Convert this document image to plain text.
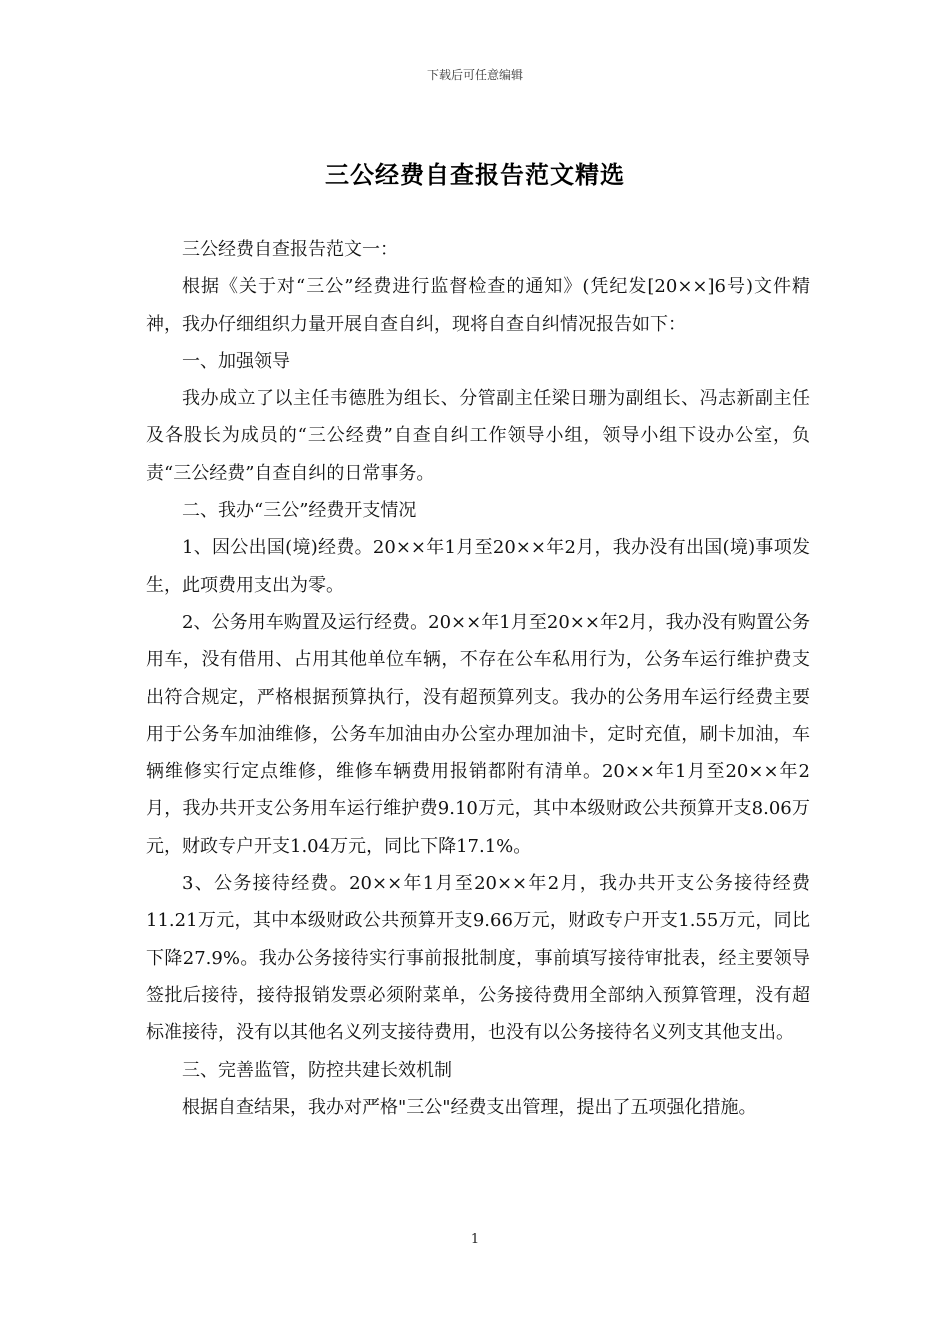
下载后可任意编辑
三公经费自查报告范文精选

三公经费自查报告范文一：

根据《关于对“三公”经费进行监督检查的通知》(凭纪发[20××]6号)文件精神，我办仔细组织力量开展自查自纠，现将自查自纠情况报告如下：

一、加强领导

我办成立了以主任韦德胜为组长、分管副主任梁日珊为副组长、冯志新副主任及各股长为成员的“三公经费”自查自纠工作领导小组，领导小组下设办公室，负责“三公经费”自查自纠的日常事务。

二、我办“三公”经费开支情况

1、因公出国(境)经费。20××年1月至20××年2月，我办没有出国(境)事项发生，此项费用支出为零。

2、公务用车购置及运行经费。20××年1月至20××年2月，我办没有购置公务用车，没有借用、占用其他单位车辆，不存在公车私用行为，公务车运行维护费支出符合规定，严格根据预算执行，没有超预算列支。我办的公务用车运行经费主要用于公务车加油维修，公务车加油由办公室办理加油卡，定时充值，刷卡加油，车辆维修实行定点维修，维修车辆费用报销都附有清单。20××年1月至20××年2月，我办共开支公务用车运行维护费9.10万元，其中本级财政公共预算开支8.06万元，财政专户开支1.04万元，同比下降17.1%。

3、公务接待经费。20××年1月至20××年2月，我办共开支公务接待经费11.21万元，其中本级财政公共预算开支9.66万元，财政专户开支1.55万元，同比下降27.9%。我办公务接待实行事前报批制度，事前填写接待审批表，经主要领导签批后接待，接待报销发票必须附菜单，公务接待费用全部纳入预算管理，没有超标准接待，没有以其他名义列支接待费用，也没有以公务接待名义列支其他支出。

三、完善监管，防控共建长效机制

根据自查结果，我办对严格"三公"经费支出管理，提出了五项强化措施。

1
